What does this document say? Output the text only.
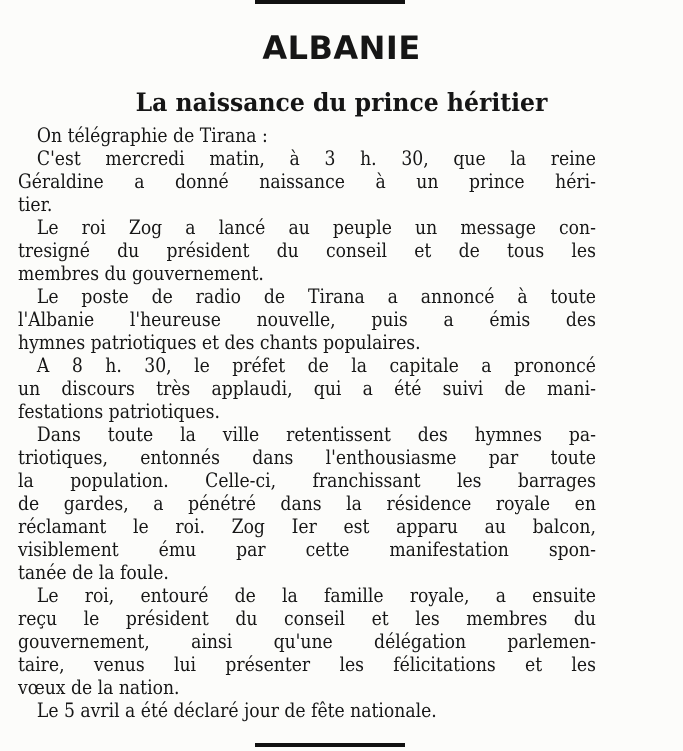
ALBANIE
La naissance du prince héritier
On télégraphie de Tirana :
C'est mercredi matin, à 3 h. 30, que la reine
Géraldine a donné naissance à un prince héri-
tier.
Le roi Zog a lancé au peuple un message con-
tresigné du président du conseil et de tous les
membres du gouvernement.
Le poste de radio de Tirana a annoncé à toute
l'Albanie l'heureuse nouvelle, puis a émis des
hymnes patriotiques et des chants populaires.
A 8 h. 30, le préfet de la capitale a prononcé
un discours très applaudi, qui a été suivi de mani-
festations patriotiques.
Dans toute la ville retentissent des hymnes pa-
triotiques, entonnés dans l'enthousiasme par toute
la population. Celle-ci, franchissant les barrages
de gardes, a pénétré dans la résidence royale en
réclamant le roi. Zog Ier est apparu au balcon,
visiblement ému par cette manifestation spon-
tanée de la foule.
Le roi, entouré de la famille royale, a ensuite
reçu le président du conseil et les membres du
gouvernement, ainsi qu'une délégation parlemen-
taire, venus lui présenter les félicitations et les
vœux de la nation.
Le 5 avril a été déclaré jour de fête nationale.
